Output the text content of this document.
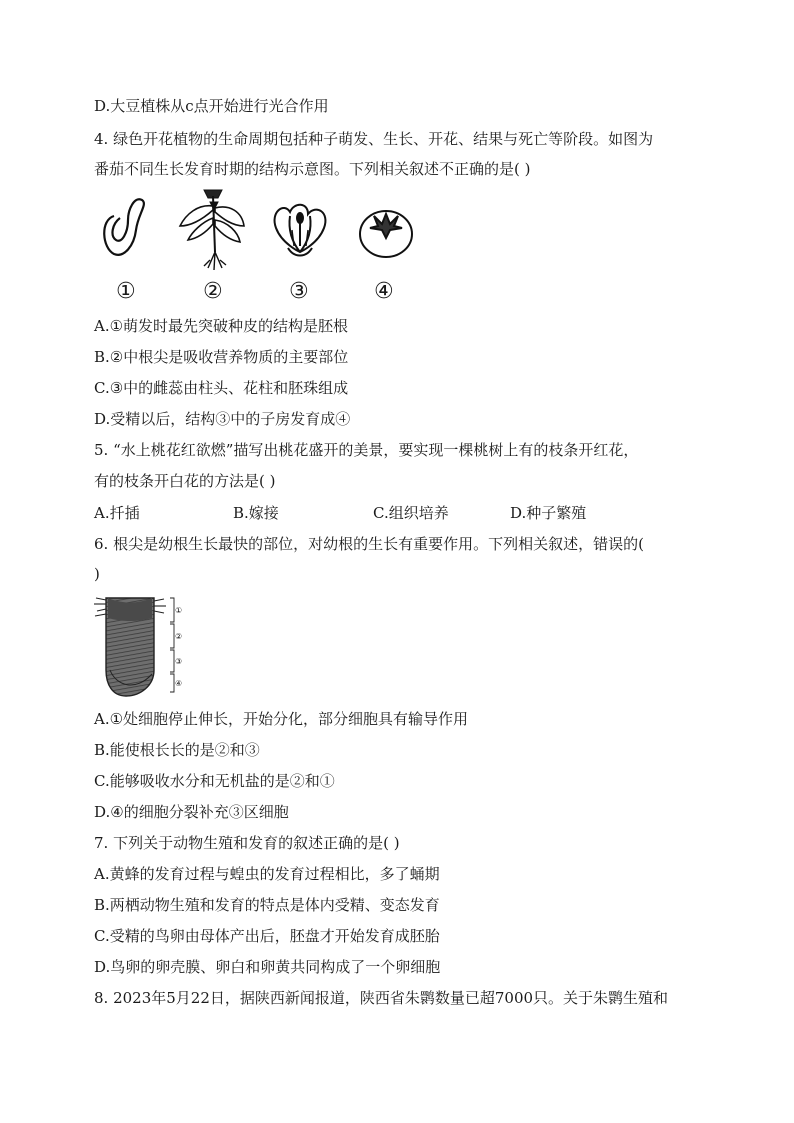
D.大豆植株从c点开始进行光合作用
4. 绿色开花植物的生命周期包括种子萌发、生长、开花、结果与死亡等阶段。如图为
番茄不同生长发育时期的结构示意图。下列相关叙述不正确的是( )
①	②	③	④
A.①萌发时最先突破种皮的结构是胚根
B.②中根尖是吸收营养物质的主要部位
C.③中的雌蕊由柱头、花柱和胚珠组成
D.受精以后，结构③中的子房发育成④
5. “水上桃花红欲燃”描写出桃花盛开的美景，要实现一棵桃树上有的枝条开红花，
有的枝条开白花的方法是( )
A.扦插	B.嫁接	C.组织培养	D.种子繁殖
6. 根尖是幼根生长最快的部位，对幼根的生长有重要作用。下列相关叙述，错误的(
)
①
②
③
④
A.①处细胞停止伸长，开始分化，部分细胞具有输导作用
B.能使根长长的是②和③
C.能够吸收水分和无机盐的是②和①
D.④的细胞分裂补充③区细胞
7. 下列关于动物生殖和发育的叙述正确的是( )
A.黄蜂的发育过程与蝗虫的发育过程相比，多了蛹期
B.两栖动物生殖和发育的特点是体内受精、变态发育
C.受精的鸟卵由母体产出后，胚盘才开始发育成胚胎
D.鸟卵的卵壳膜、卵白和卵黄共同构成了一个卵细胞
8. 2023年5月22日，据陕西新闻报道，陕西省朱鹮数量已超7000只。关于朱鹮生殖和
